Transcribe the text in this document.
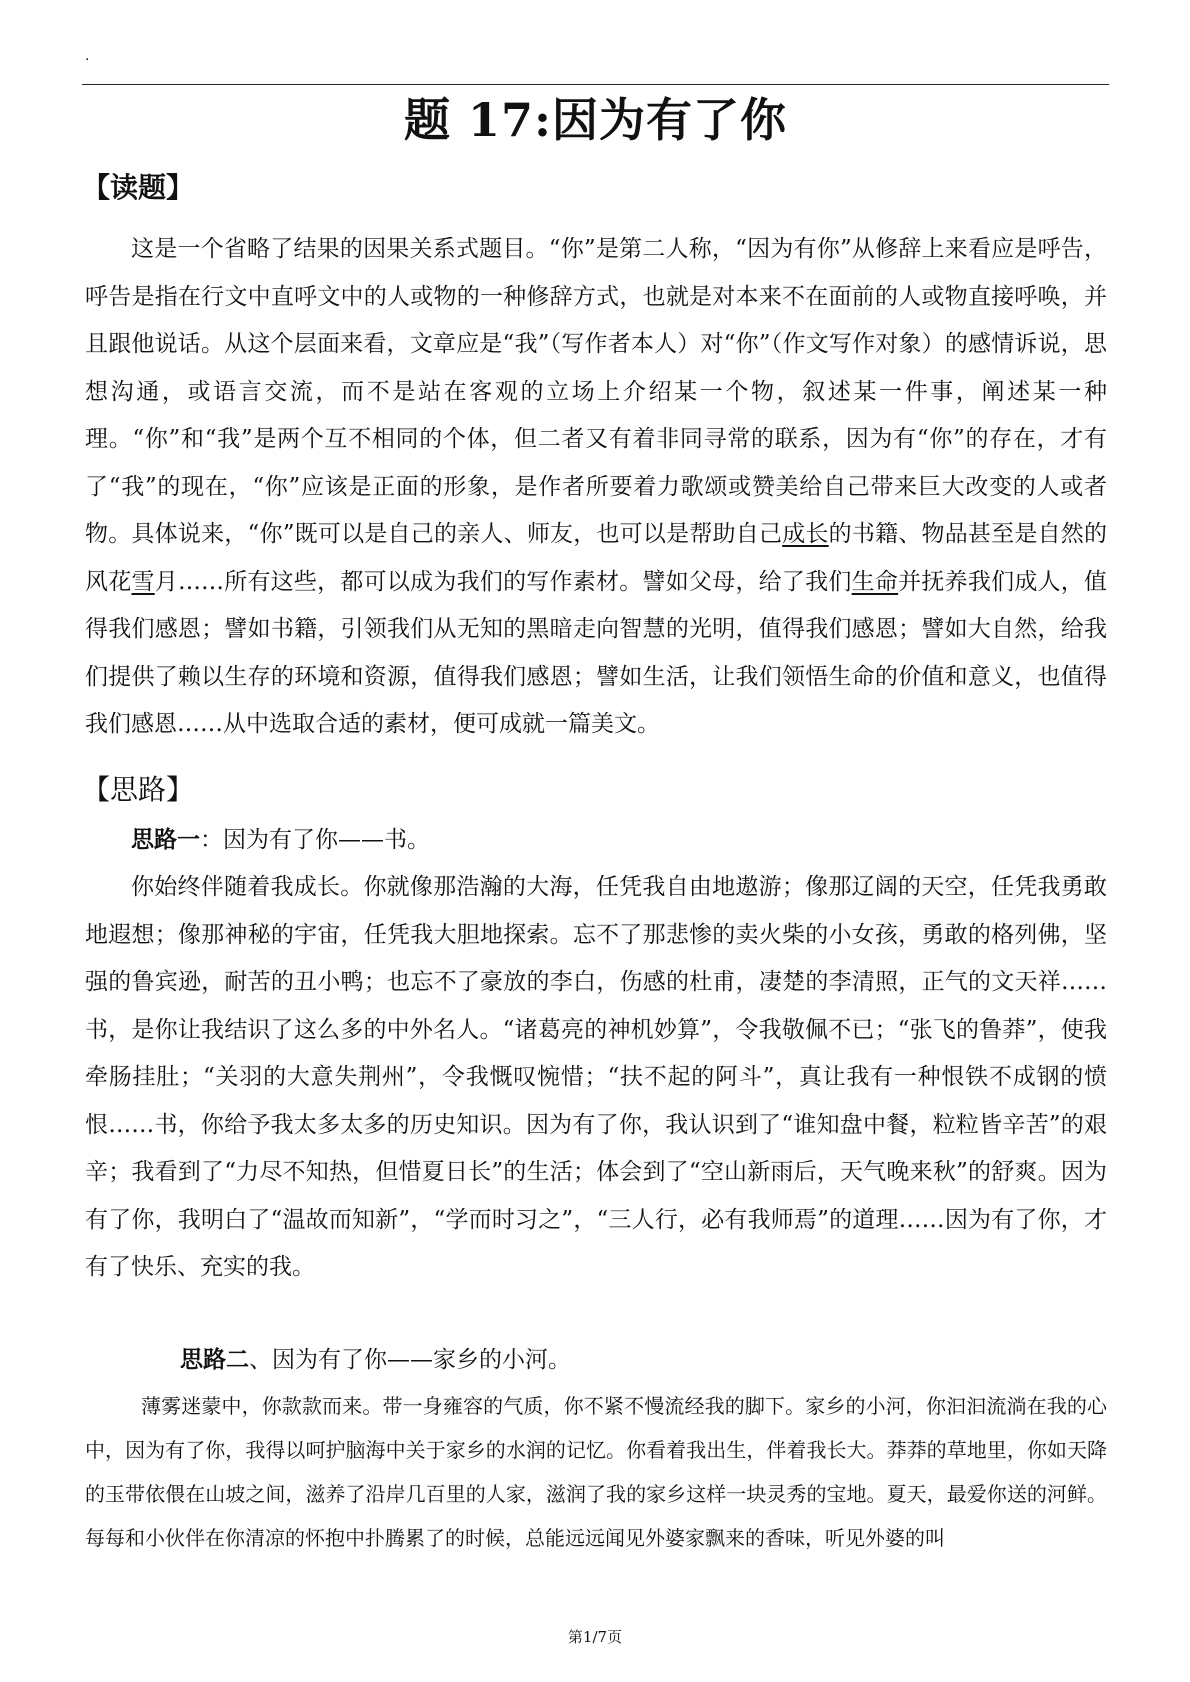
·
题 17:因为有了你
【读题】

这是一个省略了结果的因果关系式题目。“你”是第二人称，“因为有你”从修辞上来看应是呼告，呼告是指在行文中直呼文中的人或物的一种修辞方式，也就是对本来不在面前的人或物直接呼唤，并且跟他说话。从这个层面来看，文章应是“我”（写作者本人）对“你”（作文写作对象）的感情诉说，思想沟通，或语言交流，而不是站在客观的立场上介绍某一个物，叙述某一件事，阐述某一种理。“你”和“我”是两个互不相同的个体，但二者又有着非同寻常的联系，因为有“你”的存在，才有了“我”的现在，“你”应该是正面的形象，是作者所要着力歌颂或赞美给自己带来巨大改变的人或者物。具体说来，“你”既可以是自己的亲人、师友，也可以是帮助自己成长的书籍、物品甚至是自然的风花雪月……所有这些，都可以成为我们的写作素材。譬如父母，给了我们生命并抚养我们成人，值得我们感恩；譬如书籍，引领我们从无知的黑暗走向智慧的光明，值得我们感恩；譬如大自然，给我们提供了赖以生存的环境和资源，值得我们感恩；譬如生活，让我们领悟生命的价值和意义，也值得我们感恩……从中选取合适的素材，便可成就一篇美文。

【思路】

思路一：因为有了你——书。

你始终伴随着我成长。你就像那浩瀚的大海，任凭我自由地遨游；像那辽阔的天空，任凭我勇敢地遐想；像那神秘的宇宙，任凭我大胆地探索。忘不了那悲惨的卖火柴的小女孩，勇敢的格列佛，坚强的鲁宾逊，耐苦的丑小鸭；也忘不了豪放的李白，伤感的杜甫，凄楚的李清照，正气的文天祥……书，是你让我结识了这么多的中外名人。“诸葛亮的神机妙算”，令我敬佩不已；“张飞的鲁莽”，使我牵肠挂肚；“关羽的大意失荆州”，令我慨叹惋惜；“扶不起的阿斗”，真让我有一种恨铁不成钢的愤恨……书，你给予我太多太多的历史知识。因为有了你，我认识到了“谁知盘中餐，粒粒皆辛苦”的艰辛；我看到了“力尽不知热，但惜夏日长”的生活；体会到了“空山新雨后，天气晚来秋”的舒爽。因为有了你，我明白了“温故而知新”，“学而时习之”，“三人行，必有我师焉”的道理……因为有了你，才有了快乐、充实的我。

思路二、因为有了你——家乡的小河。

薄雾迷蒙中，你款款而来。带一身雍容的气质，你不紧不慢流经我的脚下。家乡的小河，你汩汩流淌在我的心中，因为有了你，我得以呵护脑海中关于家乡的水润的记忆。你看着我出生，伴着我长大。莽莽的草地里，你如天降的玉带依偎在山坡之间，滋养了沿岸几百里的人家，滋润了我的家乡这样一块灵秀的宝地。夏天，最爱你送的河鲜。每每和小伙伴在你清凉的怀抱中扑腾累了的时候，总能远远闻见外婆家飘来的香味，听见外婆的叫

第1/7页
